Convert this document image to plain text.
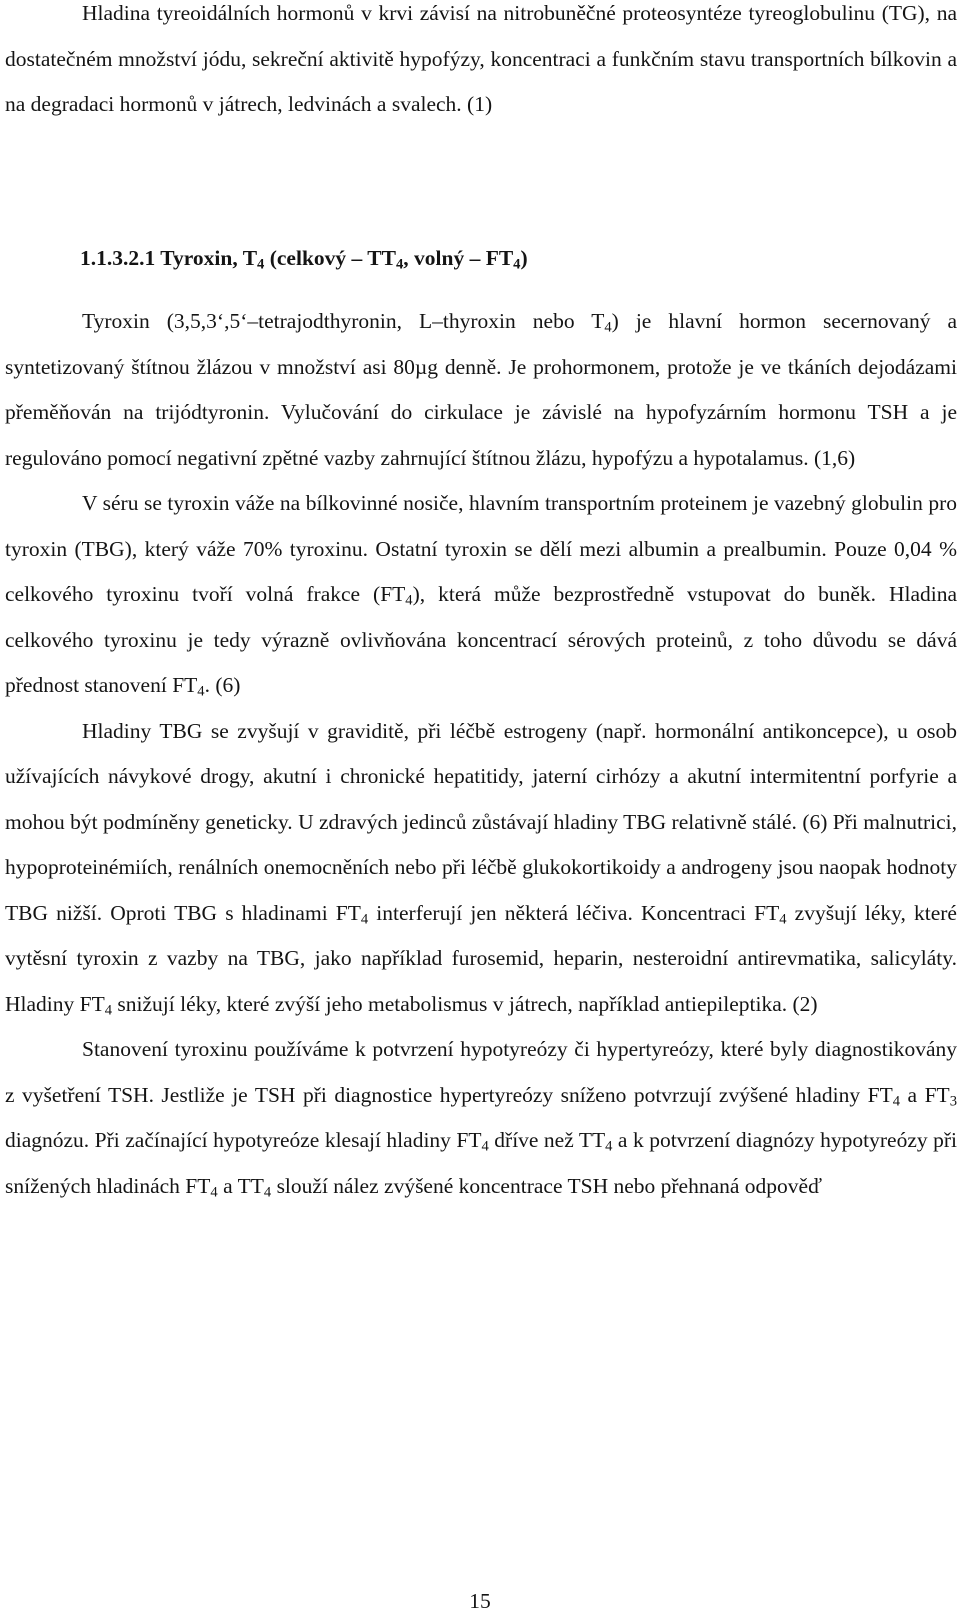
Hladina tyreoidálních hormonů v krvi závisí na nitrobuněčné proteosyntéze tyreoglobulinu (TG), na dostatečném množství jódu, sekreční aktivitě hypofýzy, koncentraci a funkčním stavu transportních bílkovin a na degradaci hormonů v játrech, ledvinách a svalech. (1)

1.1.3.2.1 Tyroxin, $T_4$ (celkový – $TT_4$, volný – $FT_4$)

Tyroxin (3,5,3‘,5‘–tetrajodthyronin, L–thyroxin nebo $T_4$) je hlavní hormon secernovaný a syntetizovaný štítnou žlázou v množství asi 80µg denně. Je prohormonem, protože je ve tkáních dejodázami přeměňován na trijódtyronin. Vylučování do cirkulace je závislé na hypofyzárním hormonu TSH a je regulováno pomocí negativní zpětné vazby zahrnující štítnou žlázu, hypofýzu a hypotalamus. (1,6)

V séru se tyroxin váže na bílkovinné nosiče, hlavním transportním proteinem je vazebný globulin pro tyroxin (TBG), který váže 70% tyroxinu. Ostatní tyroxin se dělí mezi albumin a prealbumin. Pouze 0,04 % celkového tyroxinu tvoří volná frakce $(FT_4)$, která může bezprostředně vstupovat do buněk. Hladina celkového tyroxinu je tedy výrazně ovlivňována koncentrací sérových proteinů, z toho důvodu se dává přednost stanovení $FT_4$. (6)

Hladiny TBG se zvyšují v graviditě, při léčbě estrogeny (např. hormonální antikoncepce), u osob užívajících návykové drogy, akutní i chronické hepatitidy, jaterní cirhózy a akutní intermitentní porfyrie a mohou být podmíněny geneticky. U zdravých jedinců zůstávají hladiny TBG relativně stálé. (6) Při malnutrici, hypoproteinémiích, renálních onemocněních nebo při léčbě glukokortikoidy a androgeny jsou naopak hodnoty TBG nižší. Oproti TBG s hladinami $FT_4$ interferují jen některá léčiva. Koncentraci $FT_4$ zvyšují léky, které vytěsní tyroxin z vazby na TBG, jako například furosemid, heparin, nesteroidní antirevmatika, salicyláty. Hladiny $FT_4$ snižují léky, které zvýší jeho metabolismus v játrech, například antiepileptika. (2)

Stanovení tyroxinu používáme k potvrzení hypotyreózy či hypertyreózy, které byly diagnostikovány z vyšetření TSH. Jestliže je TSH při diagnostice hypertyreózy sníženo potvrzují zvýšené hladiny $FT_4$ a $FT_3$ diagnózu. Při začínající hypotyreóze klesají hladiny $FT_4$ dříve než $TT_4$ a k potvrzení diagnózy hypotyreózy při snížených hladinách $FT_4$ a $TT_4$ slouží nález zvýšené koncentrace TSH nebo přehnaná odpověď

15
